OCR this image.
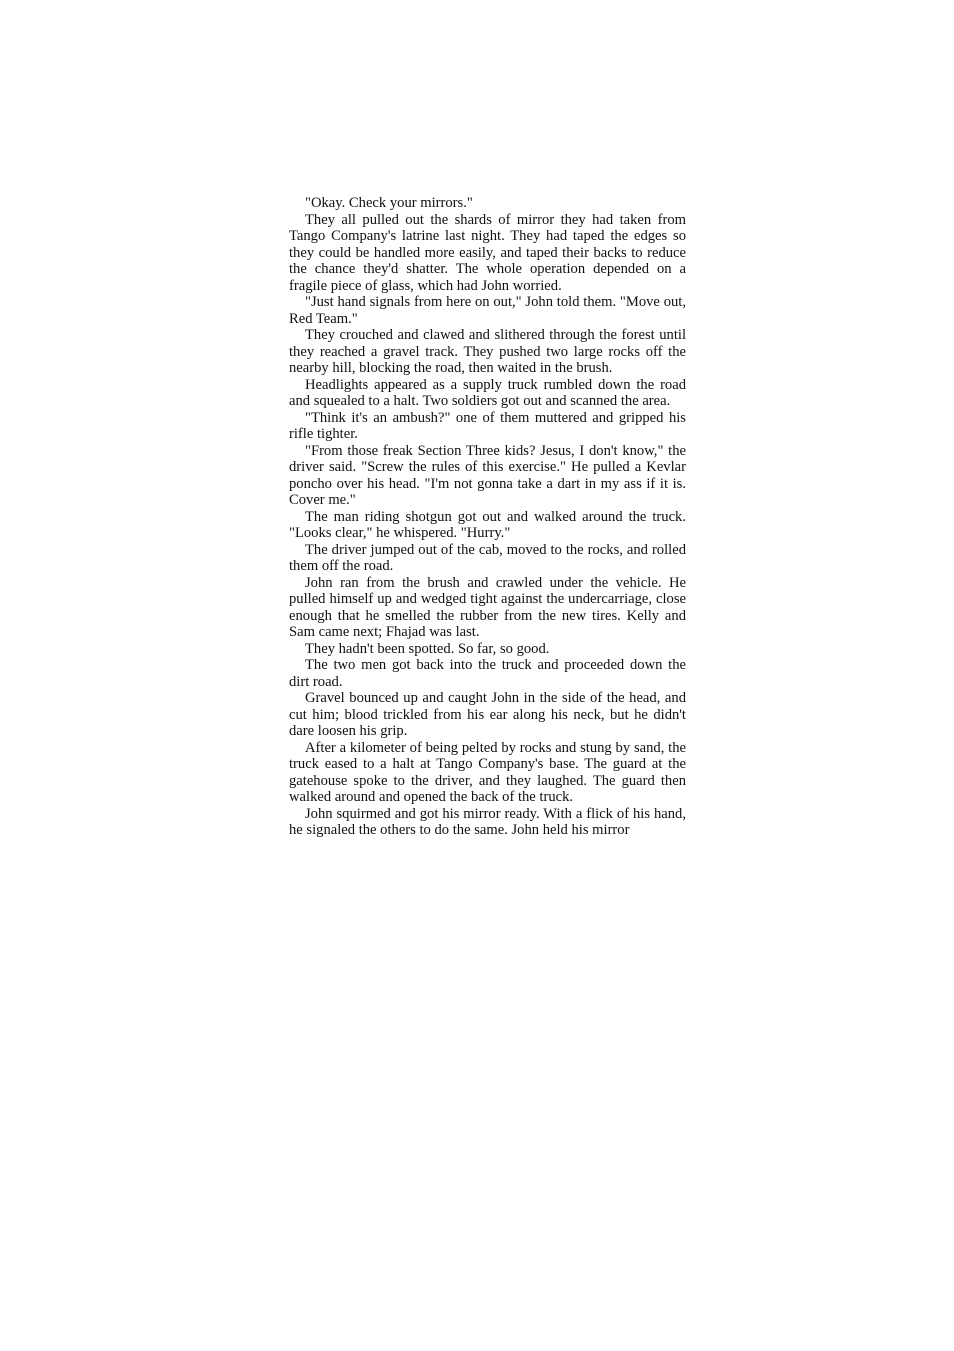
"Okay. Check your mirrors."

They all pulled out the shards of mirror they had taken from Tango Company's latrine last night. They had taped the edges so they could be handled more easily, and taped their backs to reduce the chance they'd shatter. The whole operation depended on a fragile piece of glass, which had John worried.

"Just hand signals from here on out," John told them. "Move out, Red Team."

They crouched and clawed and slithered through the forest until they reached a gravel track. They pushed two large rocks off the nearby hill, blocking the road, then waited in the brush.

Headlights appeared as a supply truck rumbled down the road and squealed to a halt. Two soldiers got out and scanned the area.

"Think it's an ambush?" one of them muttered and gripped his rifle tighter.

"From those freak Section Three kids? Jesus, I don't know," the driver said. "Screw the rules of this exercise." He pulled a Kevlar poncho over his head. "I'm not gonna take a dart in my ass if it is. Cover me."

The man riding shotgun got out and walked around the truck. "Looks clear," he whispered. "Hurry."

The driver jumped out of the cab, moved to the rocks, and rolled them off the road.

John ran from the brush and crawled under the vehicle. He pulled himself up and wedged tight against the undercarriage, close enough that he smelled the rubber from the new tires. Kelly and Sam came next; Fhajad was last.

They hadn't been spotted. So far, so good.

The two men got back into the truck and proceeded down the dirt road.

Gravel bounced up and caught John in the side of the head, and cut him; blood trickled from his ear along his neck, but he didn't dare loosen his grip.

After a kilometer of being pelted by rocks and stung by sand, the truck eased to a halt at Tango Company's base. The guard at the gatehouse spoke to the driver, and they laughed. The guard then walked around and opened the back of the truck.

John squirmed and got his mirror ready. With a flick of his hand, he signaled the others to do the same. John held his mirror
